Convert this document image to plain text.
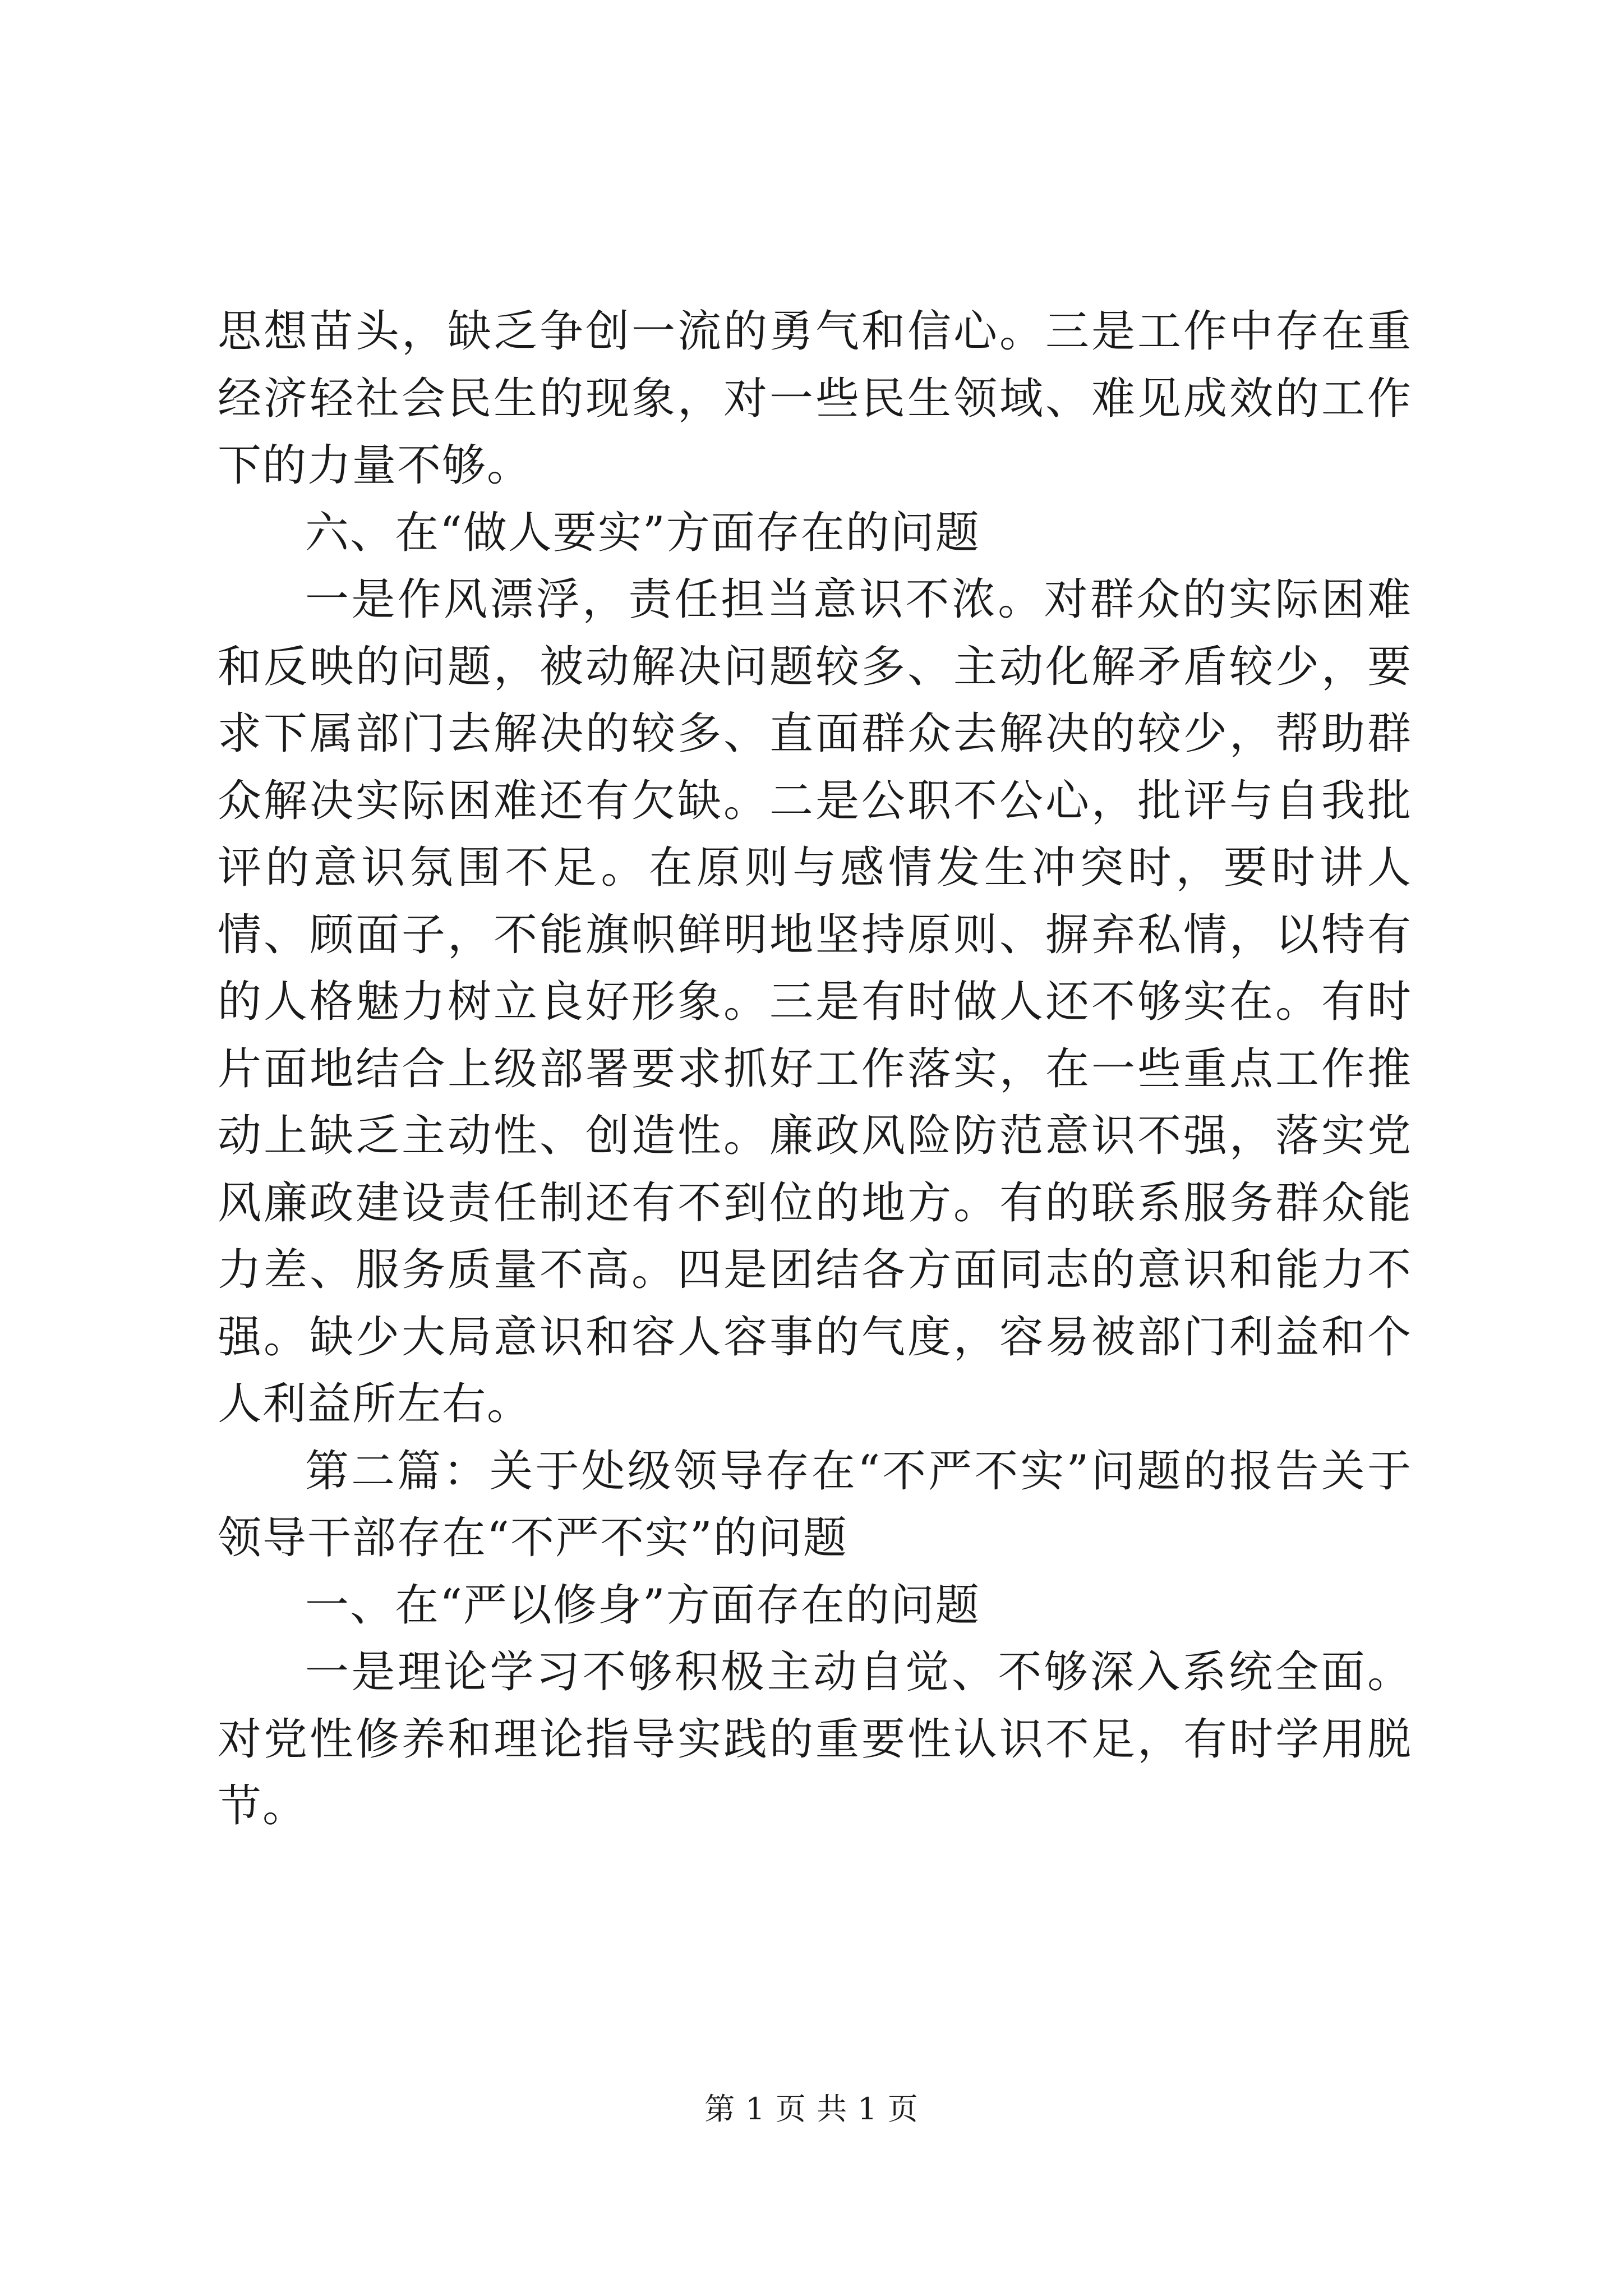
思想苗头，缺乏争创一流的勇气和信心。三是工作中存在重经济轻社会民生的现象，对一些民生领域、难见成效的工作下的力量不够。

六、在“做人要实”方面存在的问题

一是作风漂浮，责任担当意识不浓。对群众的实际困难和反映的问题，被动解决问题较多、主动化解矛盾较少，要求下属部门去解决的较多、直面群众去解决的较少，帮助群众解决实际困难还有欠缺。二是公职不公心，批评与自我批评的意识氛围不足。在原则与感情发生冲突时，要时讲人情、顾面子，不能旗帜鲜明地坚持原则、摒弃私情，以特有的人格魅力树立良好形象。三是有时做人还不够实在。有时片面地结合上级部署要求抓好工作落实，在一些重点工作推动上缺乏主动性、创造性。廉政风险防范意识不强，落实党风廉政建设责任制还有不到位的地方。有的联系服务群众能力差、服务质量不高。四是团结各方面同志的意识和能力不强。缺少大局意识和容人容事的气度，容易被部门利益和个人利益所左右。

第二篇：关于处级领导存在“不严不实”问题的报告关于领导干部存在“不严不实”的问题

一、在“严以修身”方面存在的问题

一是理论学习不够积极主动自觉、不够深入系统全面。对党性修养和理论指导实践的重要性认识不足，有时学用脱节。

第 1 页 共 1 页
